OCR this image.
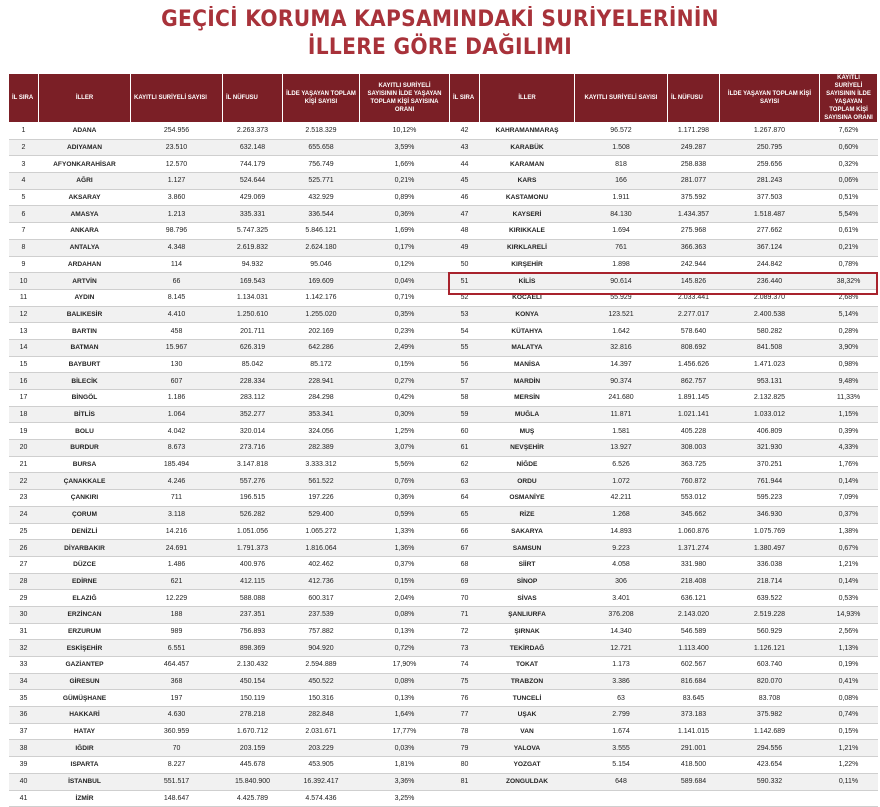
GEÇİCİ KORUMA KAPSAMINDAKİ SURİYELERİNİN
İLLERE GÖRE DAĞILIMI
İL SIRA	İLLER	KAYITLI SURİYELİ SAYISI	İL NÜFUSU	İLDE YAŞAYAN TOPLAM KİŞİ SAYISI	KAYITLI SURİYELİ SAYISININ İLDE YAŞAYAN TOPLAM KİŞİ SAYISINA ORANI	İL SIRA	İLLER	KAYITLI SURİYELİ SAYISI	İL NÜFUSU	İLDE YAŞAYAN TOPLAM KİŞİ SAYISI	KAYITLI SURİYELİ SAYISININ İLDE YAŞAYAN TOPLAM KİŞİ SAYISINA ORANI
1	ADANA	254.956	2.263.373	2.518.329	10,12%	42	KAHRAMANMARAŞ	96.572	1.171.298	1.267.870	7,62%
2	ADIYAMAN	23.510	632.148	655.658	3,59%	43	KARABÜK	1.508	249.287	250.795	0,60%
3	AFYONKARAHİSAR	12.570	744.179	756.749	1,66%	44	KARAMAN	818	258.838	259.656	0,32%
4	AĞRI	1.127	524.644	525.771	0,21%	45	KARS	166	281.077	281.243	0,06%
5	AKSARAY	3.860	429.069	432.929	0,89%	46	KASTAMONU	1.911	375.592	377.503	0,51%
6	AMASYA	1.213	335.331	336.544	0,36%	47	KAYSERİ	84.130	1.434.357	1.518.487	5,54%
7	ANKARA	98.796	5.747.325	5.846.121	1,69%	48	KIRIKKALE	1.694	275.968	277.662	0,61%
8	ANTALYA	4.348	2.619.832	2.624.180	0,17%	49	KIRKLARELİ	761	366.363	367.124	0,21%
9	ARDAHAN	114	94.932	95.046	0,12%	50	KIRŞEHİR	1.898	242.944	244.842	0,78%
10	ARTVİN	66	169.543	169.609	0,04%	51	KİLİS	90.614	145.826	236.440	38,32%
11	AYDIN	8.145	1.134.031	1.142.176	0,71%	52	KOCAELİ	55.929	2.033.441	2.089.370	2,68%
12	BALIKESİR	4.410	1.250.610	1.255.020	0,35%	53	KONYA	123.521	2.277.017	2.400.538	5,14%
13	BARTIN	458	201.711	202.169	0,23%	54	KÜTAHYA	1.642	578.640	580.282	0,28%
14	BATMAN	15.967	626.319	642.286	2,49%	55	MALATYA	32.816	808.692	841.508	3,90%
15	BAYBURT	130	85.042	85.172	0,15%	56	MANİSA	14.397	1.456.626	1.471.023	0,98%
16	BİLECİK	607	228.334	228.941	0,27%	57	MARDİN	90.374	862.757	953.131	9,48%
17	BİNGÖL	1.186	283.112	284.298	0,42%	58	MERSİN	241.680	1.891.145	2.132.825	11,33%
18	BİTLİS	1.064	352.277	353.341	0,30%	59	MUĞLA	11.871	1.021.141	1.033.012	1,15%
19	BOLU	4.042	320.014	324.056	1,25%	60	MUŞ	1.581	405.228	406.809	0,39%
20	BURDUR	8.673	273.716	282.389	3,07%	61	NEVŞEHİR	13.927	308.003	321.930	4,33%
21	BURSA	185.494	3.147.818	3.333.312	5,56%	62	NİĞDE	6.526	363.725	370.251	1,76%
22	ÇANAKKALE	4.246	557.276	561.522	0,76%	63	ORDU	1.072	760.872	761.944	0,14%
23	ÇANKIRI	711	196.515	197.226	0,36%	64	OSMANİYE	42.211	553.012	595.223	7,09%
24	ÇORUM	3.118	526.282	529.400	0,59%	65	RİZE	1.268	345.662	346.930	0,37%
25	DENİZLİ	14.216	1.051.056	1.065.272	1,33%	66	SAKARYA	14.893	1.060.876	1.075.769	1,38%
26	DİYARBAKIR	24.691	1.791.373	1.816.064	1,36%	67	SAMSUN	9.223	1.371.274	1.380.497	0,67%
27	DÜZCE	1.486	400.976	402.462	0,37%	68	SİİRT	4.058	331.980	336.038	1,21%
28	EDİRNE	621	412.115	412.736	0,15%	69	SİNOP	306	218.408	218.714	0,14%
29	ELAZIĞ	12.229	588.088	600.317	2,04%	70	SİVAS	3.401	636.121	639.522	0,53%
30	ERZİNCAN	188	237.351	237.539	0,08%	71	ŞANLIURFA	376.208	2.143.020	2.519.228	14,93%
31	ERZURUM	989	756.893	757.882	0,13%	72	ŞIRNAK	14.340	546.589	560.929	2,56%
32	ESKİŞEHİR	6.551	898.369	904.920	0,72%	73	TEKİRDAĞ	12.721	1.113.400	1.126.121	1,13%
33	GAZİANTEP	464.457	2.130.432	2.594.889	17,90%	74	TOKAT	1.173	602.567	603.740	0,19%
34	GİRESUN	368	450.154	450.522	0,08%	75	TRABZON	3.386	816.684	820.070	0,41%
35	GÜMÜŞHANE	197	150.119	150.316	0,13%	76	TUNCELİ	63	83.645	83.708	0,08%
36	HAKKARİ	4.630	278.218	282.848	1,64%	77	UŞAK	2.799	373.183	375.982	0,74%
37	HATAY	360.959	1.670.712	2.031.671	17,77%	78	VAN	1.674	1.141.015	1.142.689	0,15%
38	IĞDIR	70	203.159	203.229	0,03%	79	YALOVA	3.555	291.001	294.556	1,21%
39	ISPARTA	8.227	445.678	453.905	1,81%	80	YOZGAT	5.154	418.500	423.654	1,22%
40	İSTANBUL	551.517	15.840.900	16.392.417	3,36%	81	ZONGULDAK	648	589.684	590.332	0,11%
41	İZMİR	148.647	4.425.789	4.574.436	3,25%						
